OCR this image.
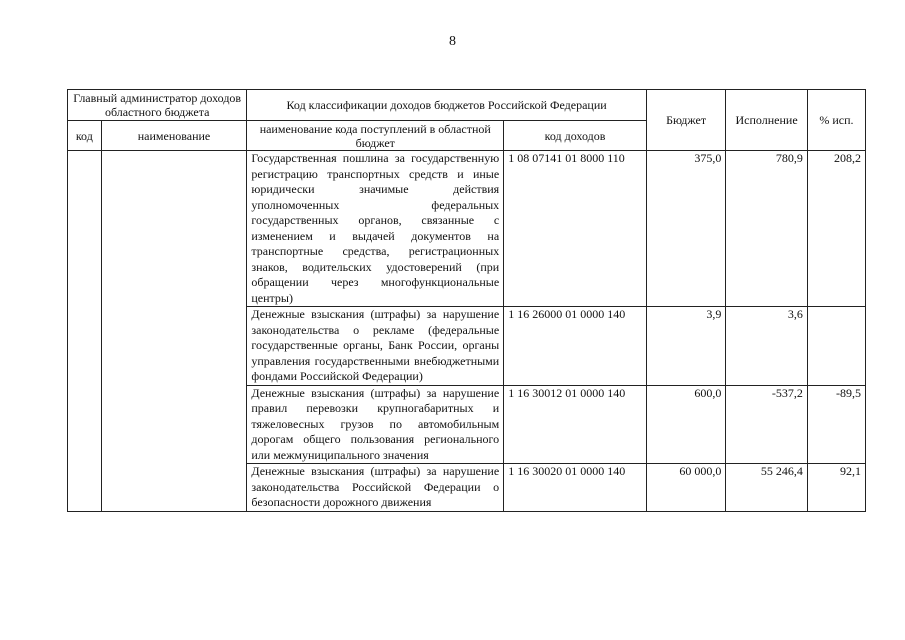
8
Главный администратор доходов областного бюджета		Код классификации доходов бюджетов Российской Федерации		Бюджет	Исполнение	% исп.
код	наименование	наименование кода поступлений в областной бюджет	код доходов			
		Государственная пошлина за государственную регистрацию транспортных средств и иные юридически значимые действия уполномоченных федеральных государственных органов, связанные с изменением и выдачей документов на транспортные средства, регистрационных знаков, водительских удостоверений (при обращении через многофункциональные центры)	1 08 07141 01 8000 110	375,0	780,9	208,2
		Денежные взыскания (штрафы) за нарушение законодательства о рекламе (федеральные государственные органы, Банк России, органы управления государственными внебюджетными фондами Российской Федерации)	1 16 26000 01 0000 140	3,9	3,6	
		Денежные взыскания (штрафы) за нарушение правил перевозки крупногабаритных и тяжеловесных грузов по автомобильным дорогам общего пользования регионального или межмуниципального значения	1 16 30012 01 0000 140	600,0	-537,2	-89,5
		Денежные взыскания (штрафы) за нарушение законодательства Российской Федерации о безопасности дорожного движения	1 16 30020 01 0000 140	60 000,0	55 246,4	92,1
